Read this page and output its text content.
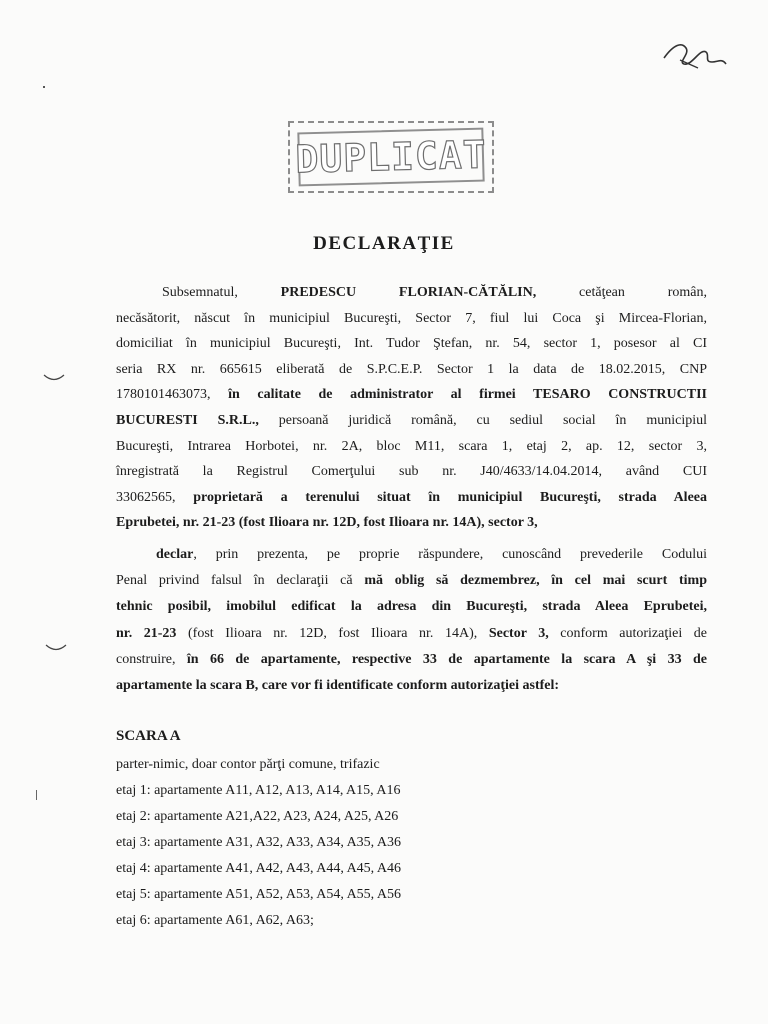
DUPLICAT
DECLARAŢIE
Subsemnatul, PREDESCU FLORIAN-CĂTĂLIN, cetăţean român,
necăsătorit, născut în municipiul Bucureşti, Sector 7, fiul lui Coca şi Mircea-Florian,
domiciliat în municipiul Bucureşti, Int. Tudor Ştefan, nr. 54, sector 1, posesor al CI
seria RX nr. 665615 eliberată de S.P.C.E.P. Sector 1 la data de 18.02.2015, CNP
1780101463073, în calitate de administrator al firmei TESARO CONSTRUCTII
BUCURESTI S.R.L., persoană juridică română, cu sediul social în municipiul
Bucureşti, Intrarea Horbotei, nr. 2A, bloc M11, scara 1, etaj 2, ap. 12, sector 3,
înregistrată la Registrul Comerţului sub nr. J40/4633/14.04.2014, având CUI
33062565, proprietară a terenului situat în municipiul Bucureşti, strada Aleea
Eprubetei, nr. 21-23 (fost Ilioara nr. 12D, fost Ilioara nr. 14A), sector 3,
declar, prin prezenta, pe proprie răspundere, cunoscând prevederile Codului
Penal privind falsul în declaraţii că mă oblig să dezmembrez, în cel mai scurt timp
tehnic posibil, imobilul edificat la adresa din Bucureşti, strada Aleea Eprubetei,
nr. 21-23 (fost Ilioara nr. 12D, fost Ilioara nr. 14A), Sector 3, conform autorizaţiei de
construire, în 66 de apartamente, respective 33 de apartamente la scara A şi 33 de
apartamente la scara B, care vor fi identificate conform autorizaţiei astfel:
SCARA A
parter-nimic, doar contor părţi comune, trifazic
etaj 1: apartamente A11, A12, A13, A14, A15, A16
etaj 2: apartamente A21,A22, A23, A24, A25, A26
etaj 3: apartamente A31, A32, A33, A34, A35, A36
etaj 4: apartamente A41, A42, A43, A44, A45, A46
etaj 5: apartamente A51, A52, A53, A54, A55, A56
etaj 6: apartamente A61, A62, A63;
